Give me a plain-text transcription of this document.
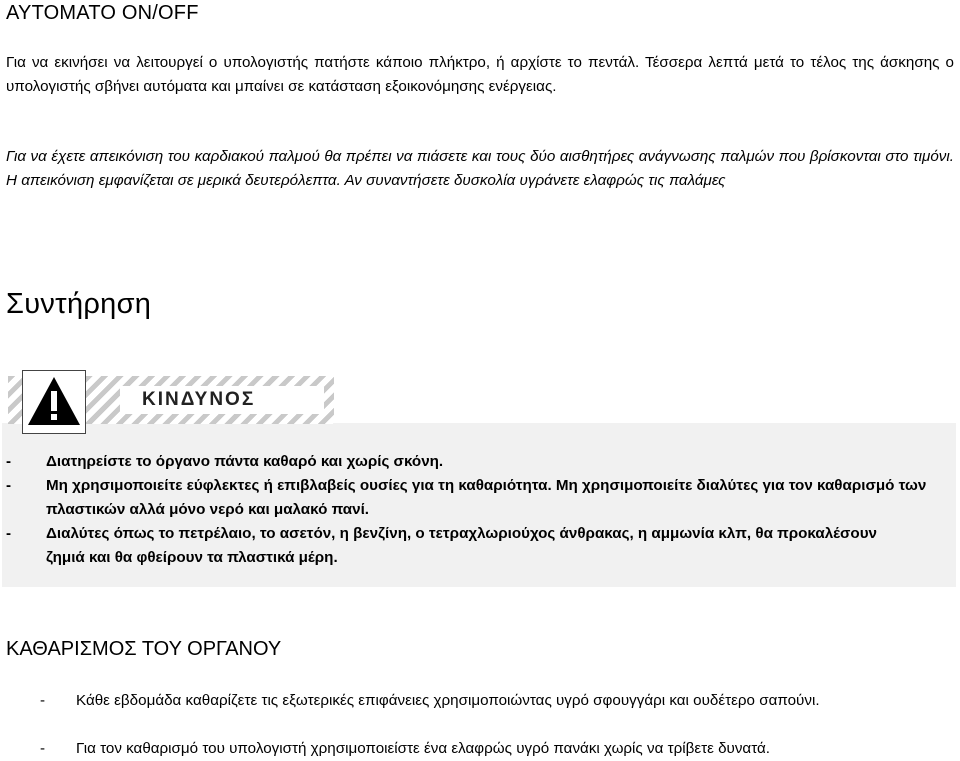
ΑΥΤΟΜΑΤΟ ON/OFF
Για να εκινήσει να λειτουργεί ο υπολογιστής πατήστε κάποιο πλήκτρο, ή αρχίστε το πεντάλ. Τέσσερα λεπτά μετά το τέλος της άσκησης ο υπολογιστής σβήνει αυτόματα και μπαίνει σε κατάσταση εξοικονόμησης ενέργειας.
Για να έχετε απεικόνιση του καρδιακού παλμού θα πρέπει να πιάσετε και τους δύο αισθητήρες ανάγνωσης παλμών που βρίσκονται στο τιμόνι. Η απεικόνιση εμφανίζεται σε μερικά δευτερόλεπτα. Αν συναντήσετε δυσκολία υγράνετε ελαφρώς τις παλάμες
Συντήρηση
ΚΙΝΔΥΝΟΣ
-	Διατηρείστε το όργανο πάντα καθαρό και χωρίς σκόνη.
-	Μη χρησιμοποιείτε εύφλεκτες ή επιβλαβείς ουσίες για τη καθαριότητα. Μη χρησιμοποιείτε διαλύτες για τον καθαρισμό των πλαστικών αλλά μόνο νερό και μαλακό πανί.
-	Διαλύτες όπως το πετρέλαιο, το ασετόν, η βενζίνη, ο τετραχλωριούχος άνθρακας, η αμμωνία κλπ, θα προκαλέσουν ζημιά και θα φθείρουν τα πλαστικά μέρη.
ΚΑΘΑΡΙΣΜΟΣ ΤΟΥ ΟΡΓΑΝΟΥ
-	Κάθε εβδομάδα καθαρίζετε τις εξωτερικές επιφάνειες χρησιμοποιώντας υγρό σφουγγάρι και ουδέτερο σαπούνι.
-	Για τον καθαρισμό του υπολογιστή χρησιμοποιείστε ένα ελαφρώς υγρό πανάκι χωρίς να τρίβετε δυνατά.
